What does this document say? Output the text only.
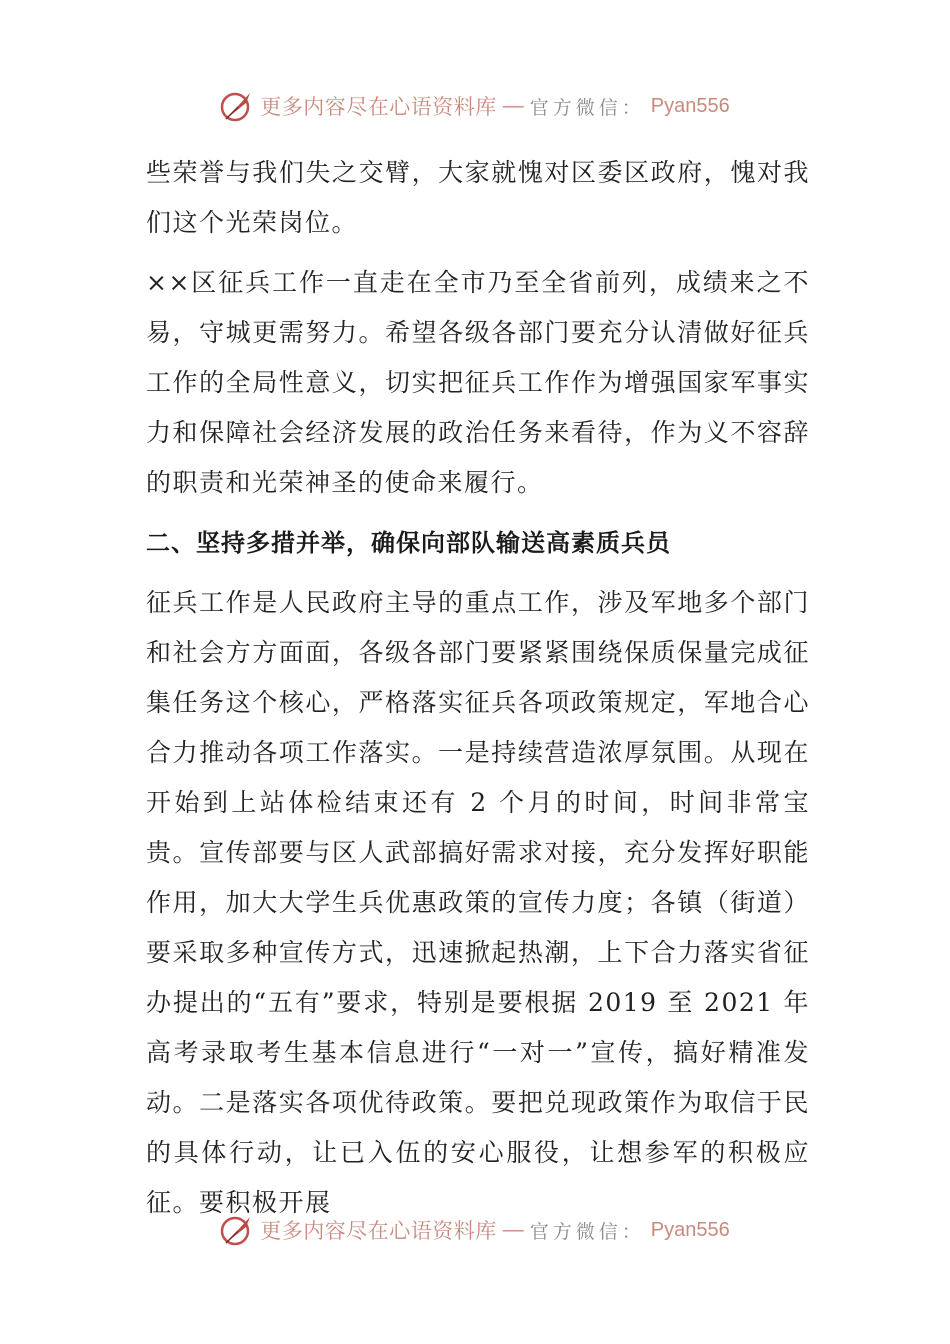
更多内容尽在心语资料库 — 官方微信： Pyan556

些荣誉与我们失之交臂，大家就愧对区委区政府，愧对我们这个光荣岗位。

××区征兵工作一直走在全市乃至全省前列，成绩来之不易，守城更需努力。希望各级各部门要充分认清做好征兵工作的全局性意义，切实把征兵工作作为增强国家军事实力和保障社会经济发展的政治任务来看待，作为义不容辞的职责和光荣神圣的使命来履行。

二、坚持多措并举，确保向部队输送高素质兵员

征兵工作是人民政府主导的重点工作，涉及军地多个部门和社会方方面面，各级各部门要紧紧围绕保质保量完成征集任务这个核心，严格落实征兵各项政策规定，军地合心合力推动各项工作落实。一是持续营造浓厚氛围。从现在开始到上站体检结束还有 2 个月的时间，时间非常宝贵。宣传部要与区人武部搞好需求对接，充分发挥好职能作用，加大大学生兵优惠政策的宣传力度；各镇（街道）要采取多种宣传方式，迅速掀起热潮，上下合力落实省征办提出的“五有”要求，特别是要根据 2019 至 2021 年高考录取考生基本信息进行“一对一”宣传，搞好精准发动。二是落实各项优待政策。要把兑现政策作为取信于民的具体行动，让已入伍的安心服役，让想参军的积极应征。要积极开展

更多内容尽在心语资料库 — 官方微信： Pyan556
